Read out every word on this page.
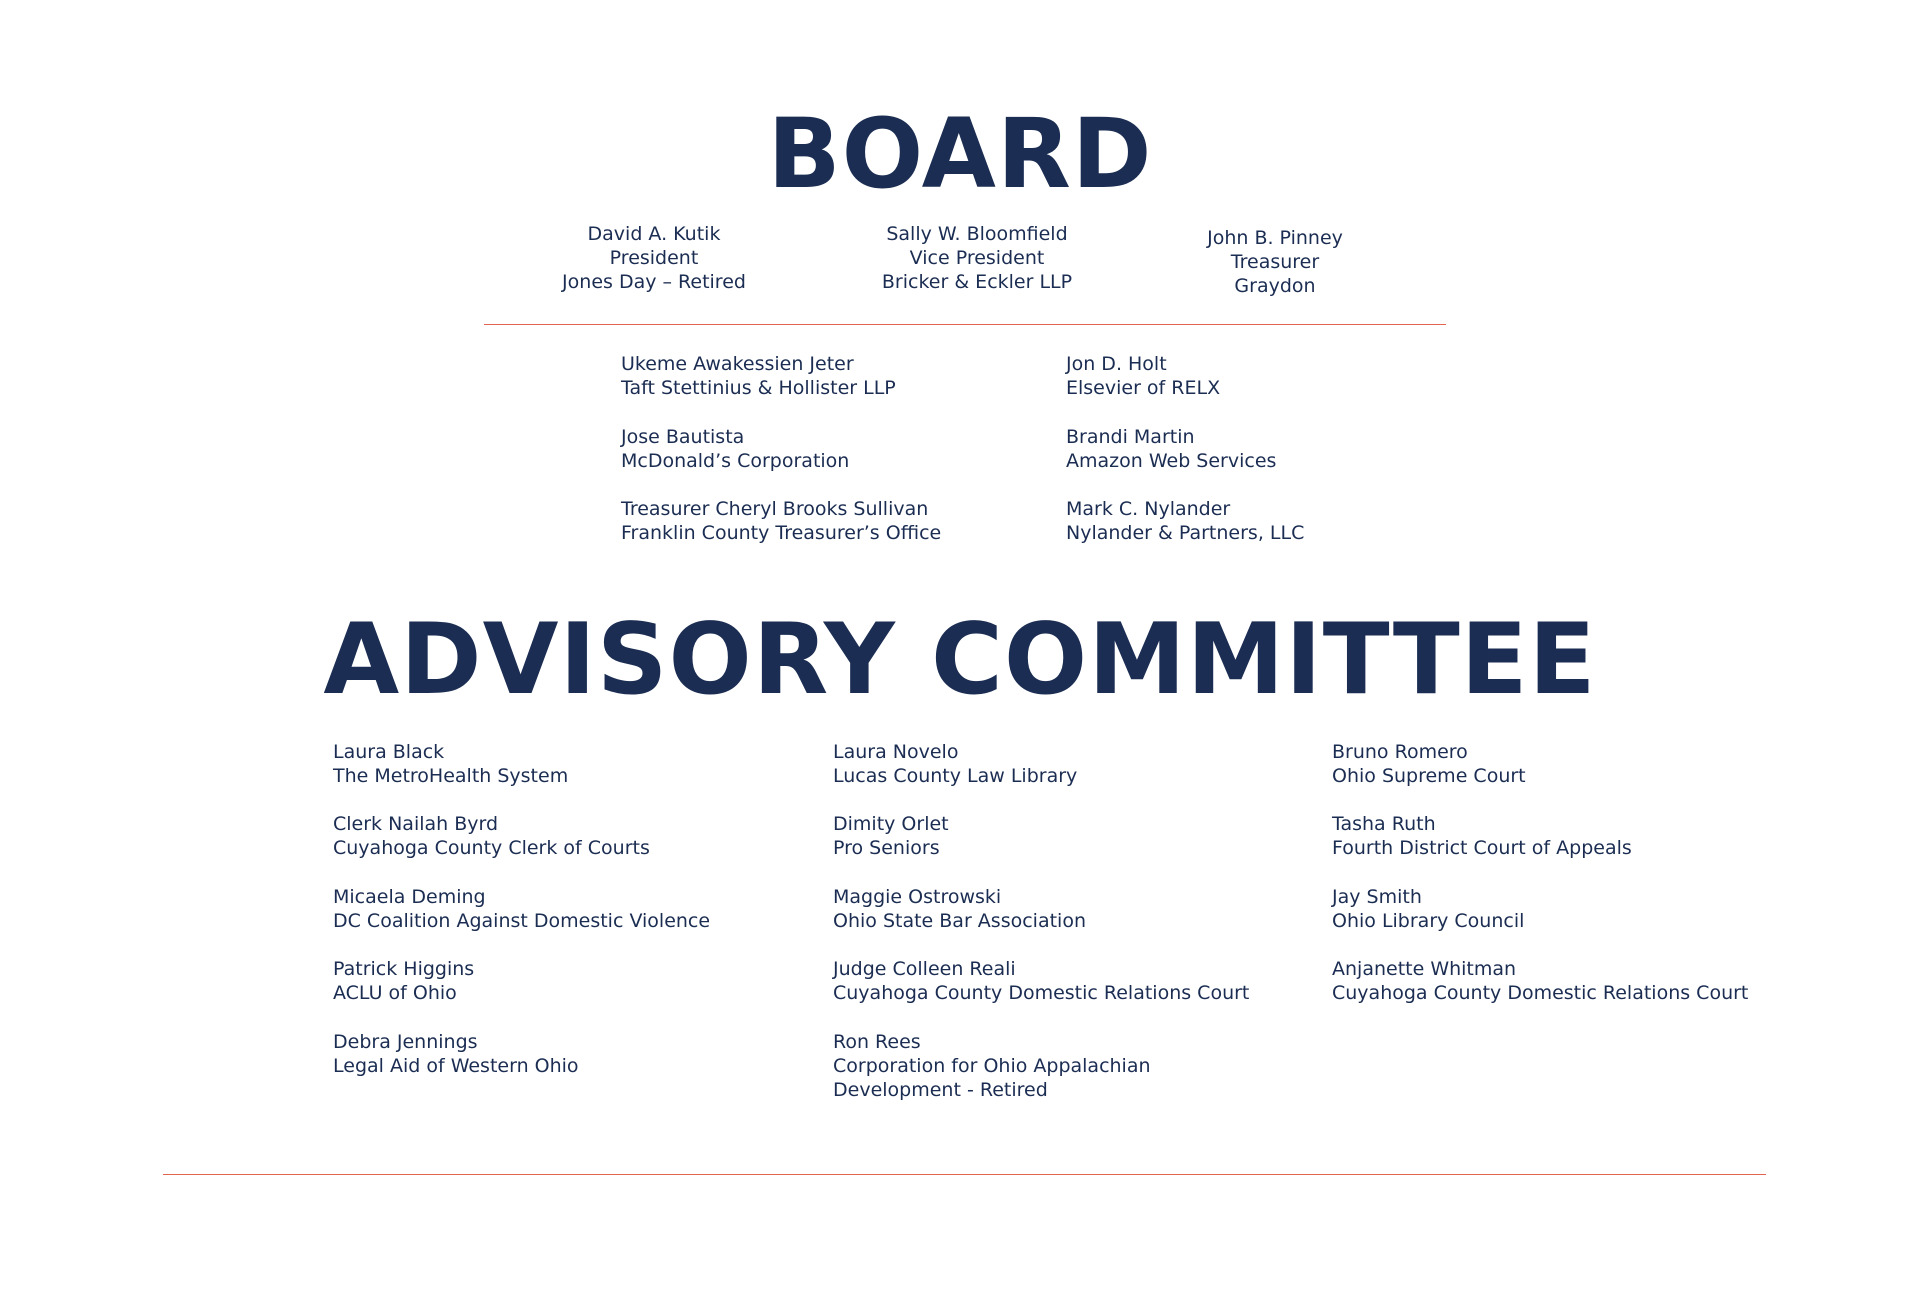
BOARD
David A. Kutik
President
Jones Day – Retired
Sally W. Bloomfield
Vice President
Bricker & Eckler LLP
John B. Pinney
Treasurer
Graydon
Ukeme Awakessien Jeter
Taft Stettinius & Hollister LLP
Jose Bautista
McDonald’s Corporation
Treasurer Cheryl Brooks Sullivan
Franklin County Treasurer’s Office
Jon D. Holt
Elsevier of RELX
Brandi Martin
Amazon Web Services
Mark C. Nylander
Nylander & Partners, LLC
ADVISORY COMMITTEE
Laura Black
The MetroHealth System
Clerk Nailah Byrd
Cuyahoga County Clerk of Courts
Micaela Deming
DC Coalition Against Domestic Violence
Patrick Higgins
ACLU of Ohio
Debra Jennings
Legal Aid of Western Ohio
Laura Novelo
Lucas County Law Library
Dimity Orlet
Pro Seniors
Maggie Ostrowski
Ohio State Bar Association
Judge Colleen Reali
Cuyahoga County Domestic Relations Court
Ron Rees
Corporation for Ohio Appalachian
Development - Retired
Bruno Romero
Ohio Supreme Court
Tasha Ruth
Fourth District Court of Appeals
Jay Smith
Ohio Library Council
Anjanette Whitman
Cuyahoga County Domestic Relations Court
